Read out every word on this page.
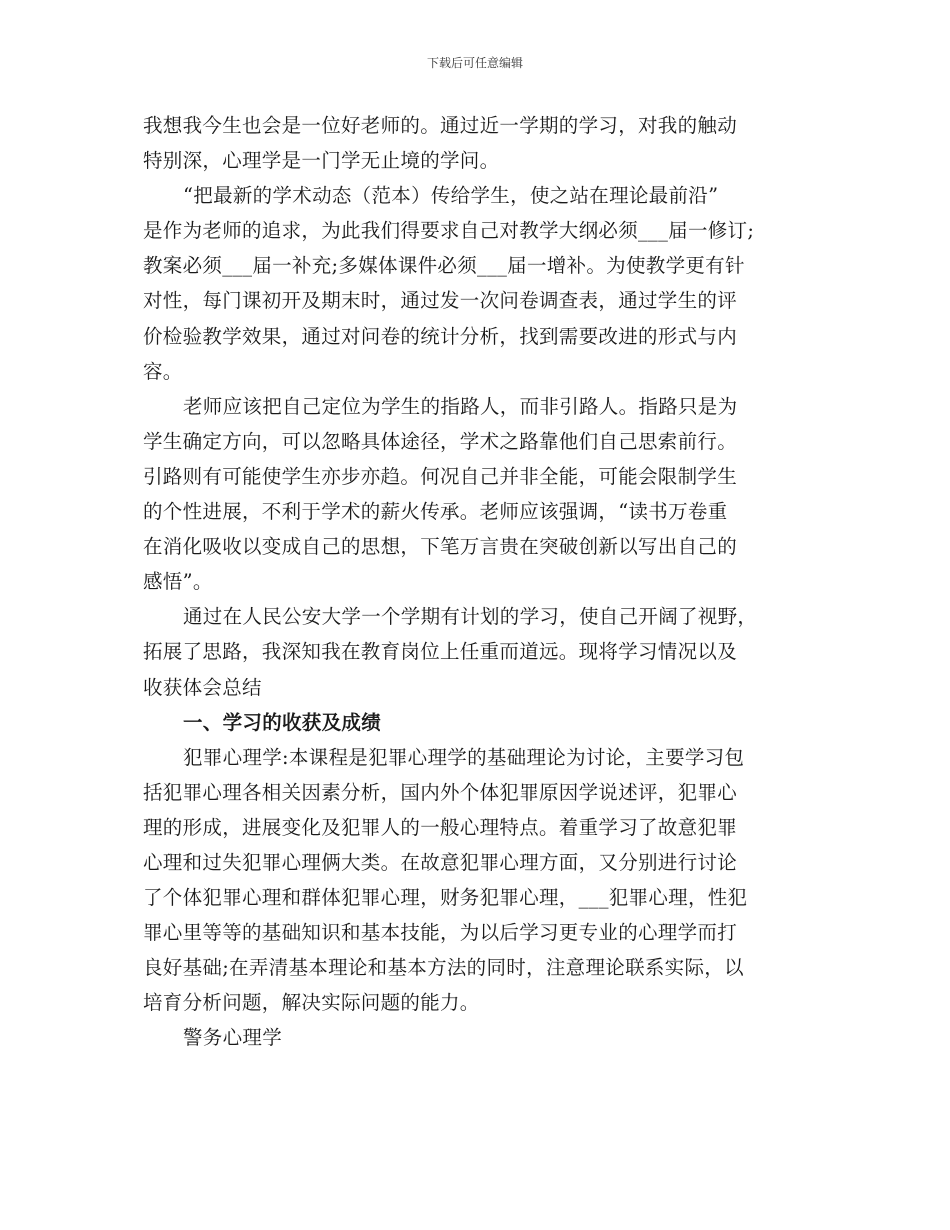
下载后可任意编辑
我想我今生也会是一位好老师的。通过近一学期的学习，对我的触动
特别深，心理学是一门学无止境的学问。
“把最新的学术动态（范本）传给学生，使之站在理论最前沿”
是作为老师的追求，为此我们得要求自己对教学大纲必须___届一修订;
教案必须___届一补充;多媒体课件必须___届一增补。为使教学更有针
对性，每门课初开及期末时，通过发一次问卷调查表，通过学生的评
价检验教学效果，通过对问卷的统计分析，找到需要改进的形式与内
容。
老师应该把自己定位为学生的指路人，而非引路人。指路只是为
学生确定方向，可以忽略具体途径，学术之路靠他们自己思索前行。
引路则有可能使学生亦步亦趋。何况自己并非全能，可能会限制学生
的个性进展，不利于学术的薪火传承。老师应该强调，“读书万卷重
在消化吸收以变成自己的思想，下笔万言贵在突破创新以写出自己的
感悟”。
通过在人民公安大学一个学期有计划的学习，使自己开阔了视野，
拓展了思路，我深知我在教育岗位上任重而道远。现将学习情况以及
收获体会总结
一、学习的收获及成绩
犯罪心理学:本课程是犯罪心理学的基础理论为讨论，主要学习包
括犯罪心理各相关因素分析，国内外个体犯罪原因学说述评，犯罪心
理的形成，进展变化及犯罪人的一般心理特点。着重学习了故意犯罪
心理和过失犯罪心理俩大类。在故意犯罪心理方面，又分别进行讨论
了个体犯罪心理和群体犯罪心理，财务犯罪心理，___犯罪心理，性犯
罪心里等等的基础知识和基本技能，为以后学习更专业的心理学而打
良好基础;在弄清基本理论和基本方法的同时，注意理论联系实际，以
培育分析问题，解决实际问题的能力。
警务心理学
